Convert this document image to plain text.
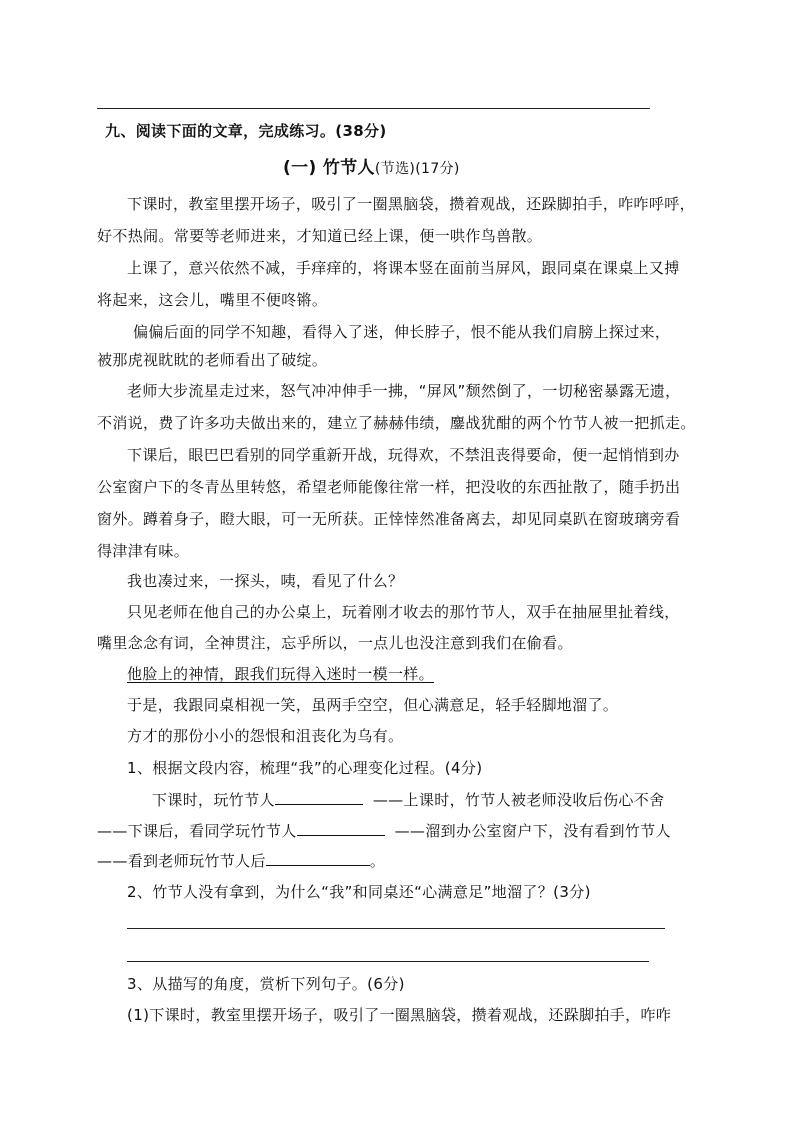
九、阅读下面的文章，完成练习。(38分)
(一) 竹节人(节选)(17分)
下课时，教室里摆开场子，吸引了一圈黑脑袋，攒着观战，还跺脚拍手，咋咋呼呼，
好不热闹。常要等老师进来，才知道已经上课，便一哄作鸟兽散。
上课了，意兴依然不减，手痒痒的，将课本竖在面前当屏风，跟同桌在课桌上又搏
将起来，这会儿，嘴里不便咚锵。
偏偏后面的同学不知趣，看得入了迷，伸长脖子，恨不能从我们肩膀上探过来，
被那虎视眈眈的老师看出了破绽。
老师大步流星走过来，怒气冲冲伸手一拂，“屏风”颓然倒了，一切秘密暴露无遗，
不消说，费了许多功夫做出来的，建立了赫赫伟绩，鏖战犹酣的两个竹节人被一把抓走。
下课后，眼巴巴看别的同学重新开战，玩得欢，不禁沮丧得要命，便一起悄悄到办
公室窗户下的冬青丛里转悠，希望老师能像往常一样，把没收的东西扯散了，随手扔出
窗外。蹲着身子，瞪大眼，可一无所获。正悻悻然准备离去，却见同桌趴在窗玻璃旁看
得津津有味。
我也凑过来，一探头，咦，看见了什么？
只见老师在他自己的办公桌上，玩着刚才收去的那竹节人，双手在抽屉里扯着线，
嘴里念念有词，全神贯注，忘乎所以，一点儿也没注意到我们在偷看。
他脸上的神情，跟我们玩得入迷时一模一样。
于是，我跟同桌相视一笑，虽两手空空，但心满意足，轻手轻脚地溜了。
方才的那份小小的怨恨和沮丧化为乌有。
1、根据文段内容，梳理“我”的心理变化过程。(4分)
下课时，玩竹节人	——上课时，竹节人被老师没收后伤心不舍
——下课后，看同学玩竹节人	——溜到办公室窗户下，没有看到竹节人
——看到老师玩竹节人后	。
2、竹节人没有拿到，为什么“我”和同桌还“心满意足”地溜了？(3分)
3、从描写的角度，赏析下列句子。(6分)
(1)下课时，教室里摆开场子，吸引了一圈黑脑袋，攒着观战，还跺脚拍手，咋咋
